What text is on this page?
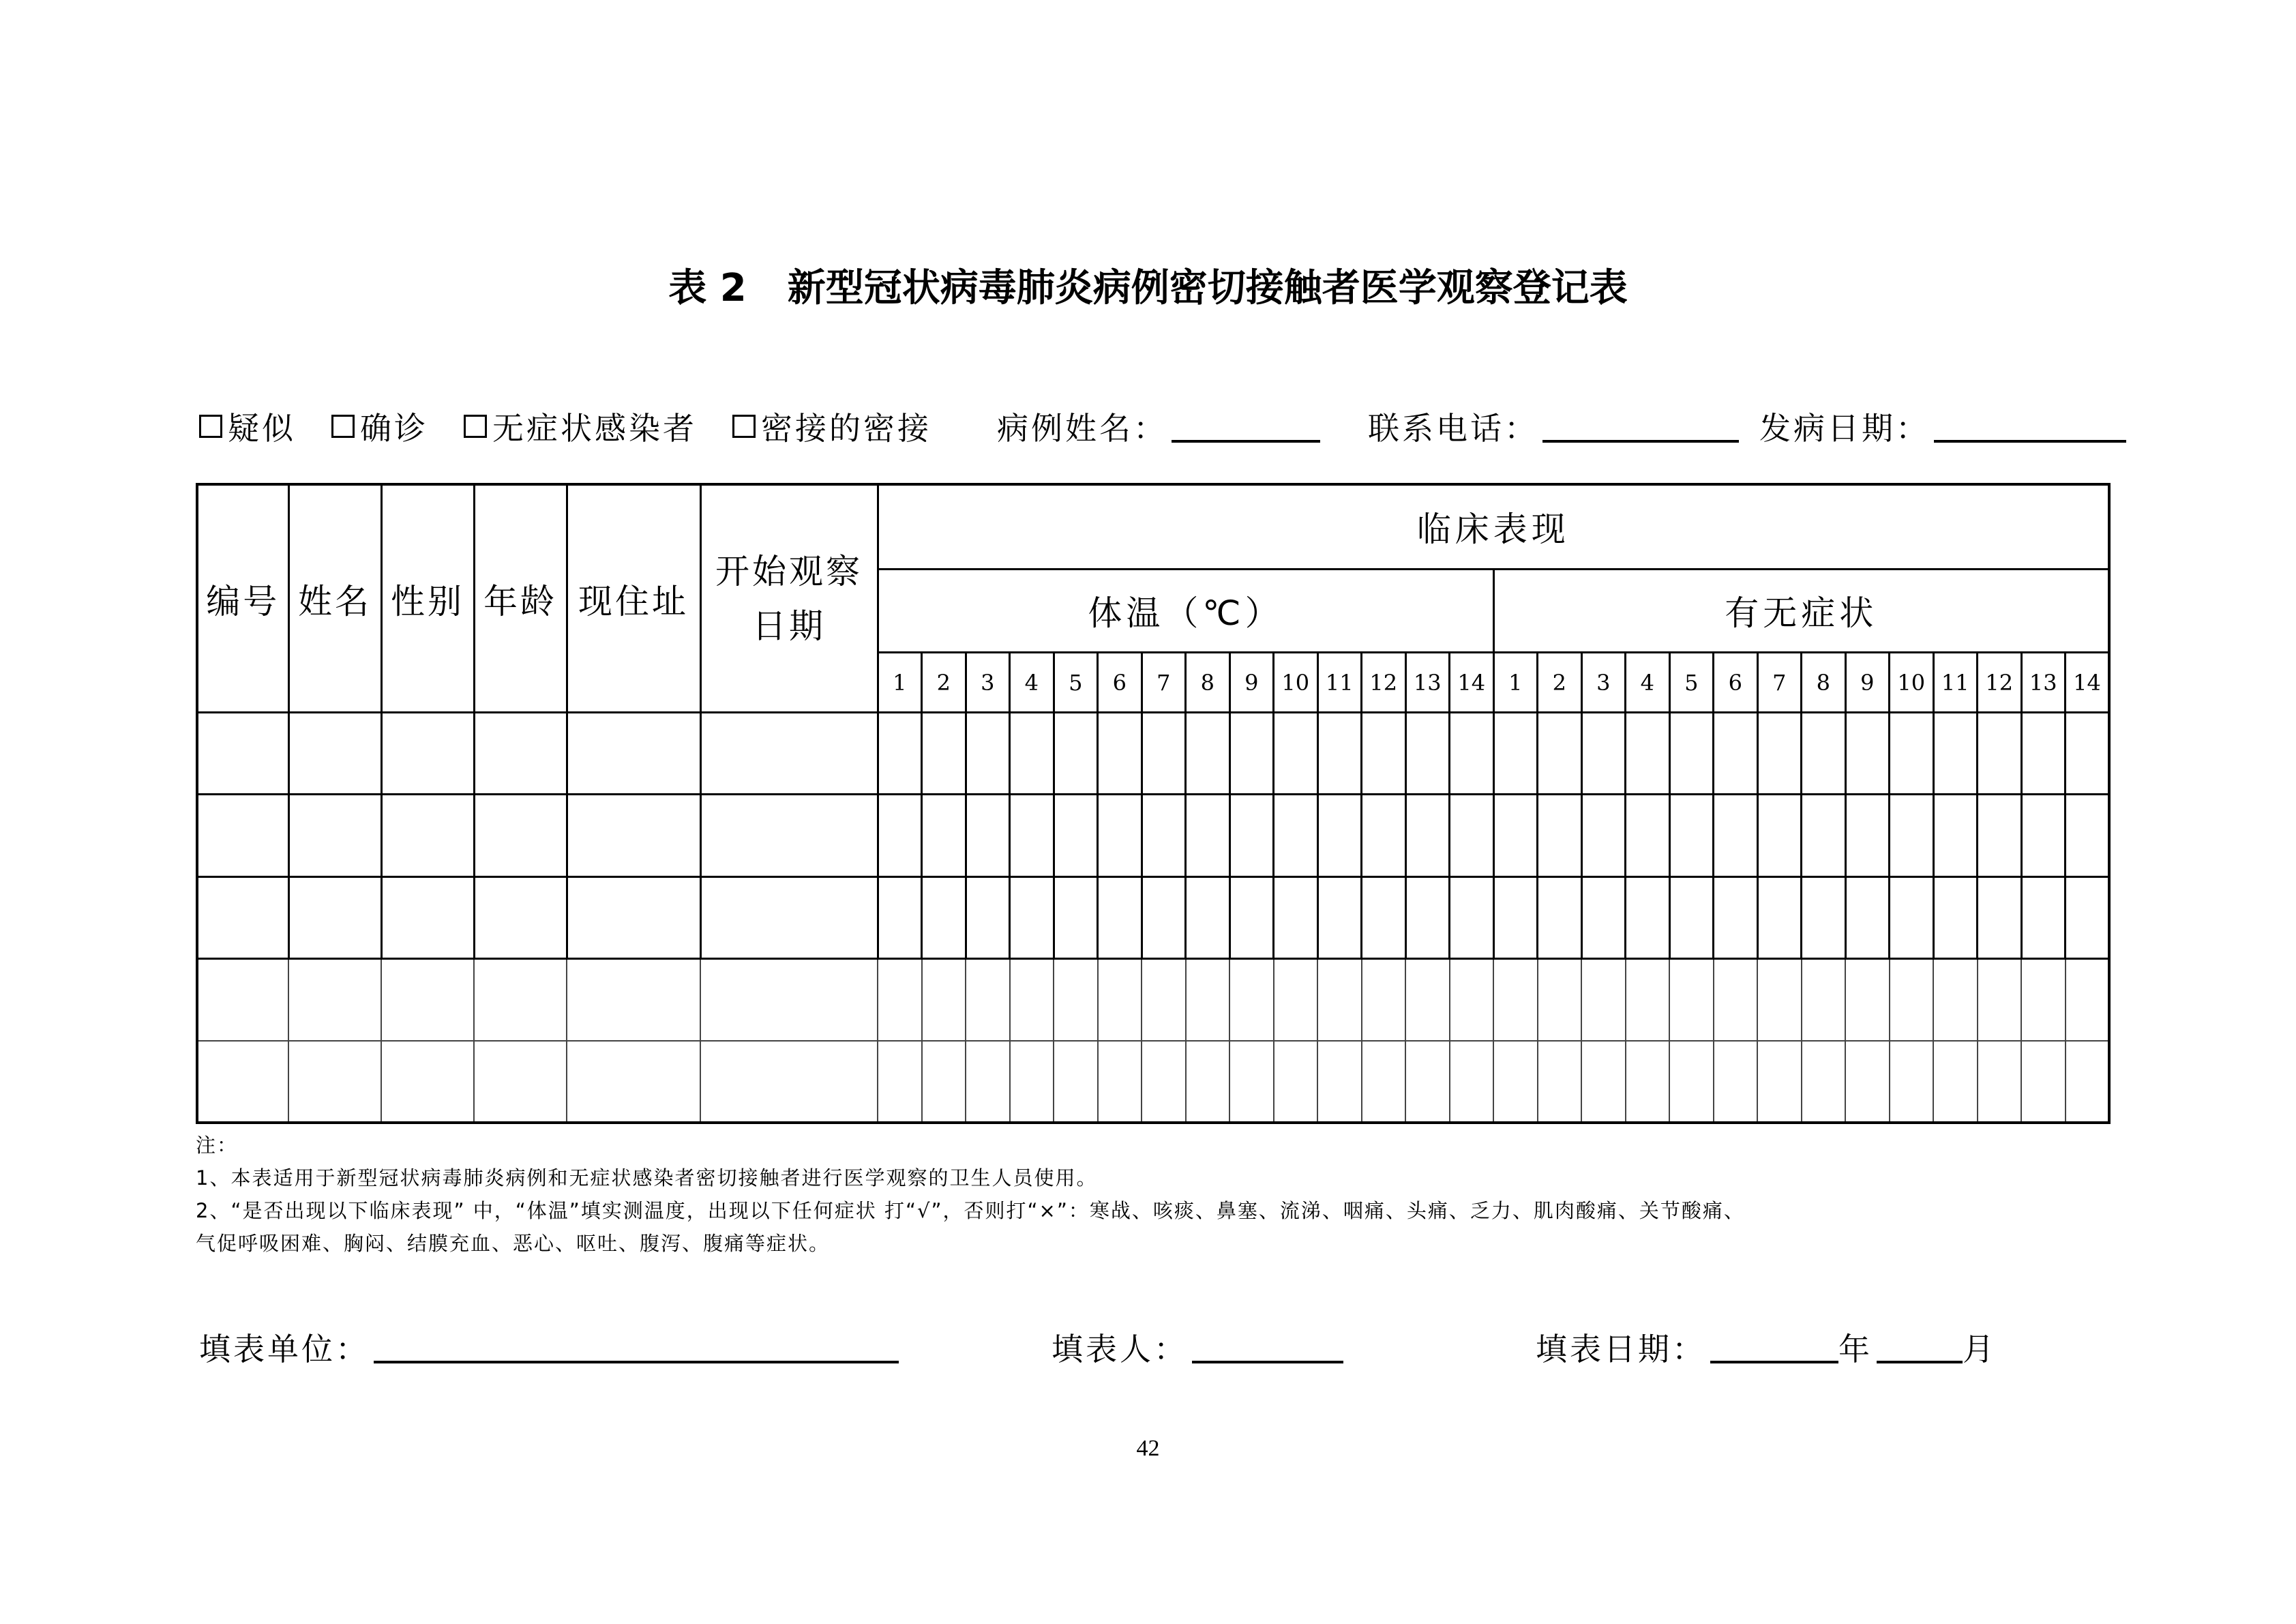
表 2 新型冠状病毒肺炎病例密切接触者医学观察登记表
疑似 确诊 无症状感染者 密接的密接 病例姓名：	联系电话：	发病日期：
编号	姓名	性别	年龄	现住址	开始观察
日期	临床表现																											
						体温（℃）														有无症状													
						1	2	3	4	5	6	7	8	9	10	11	12	13	14	1	2	3	4	5	6	7	8	9	10	11	12	13	14

注：
1、本表适用于新型冠状病毒肺炎病例和无症状感染者密切接触者进行医学观察的卫生人员使用。
2、“是否出现以下临床表现” 中，“体温”填实测温度，出现以下任何症状 打“√”，否则打“×”：寒战、咳痰、鼻塞、流涕、咽痛、头痛、乏力、肌肉酸痛、关节酸痛、
气促呼吸困难、胸闷、结膜充血、恶心、呕吐、腹泻、腹痛等症状。
填表单位：	填表人：	填表日期：	年	月
42
